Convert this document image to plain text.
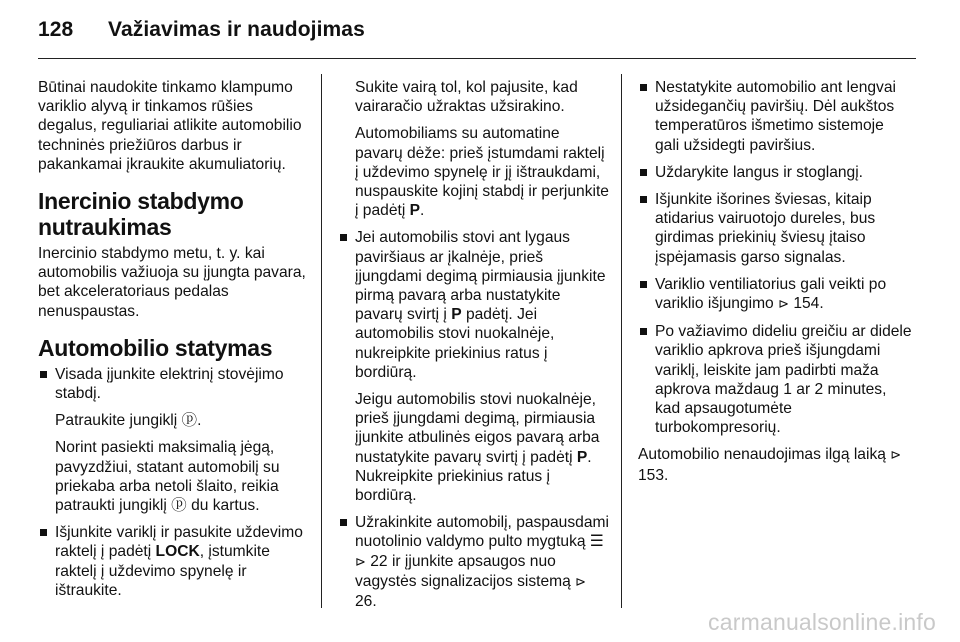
128 Važiavimas ir naudojimas

Būtinai naudokite tinkamo klampumo variklio alyvą ir tinkamos rūšies degalus, reguliariai atlikite automobilio techninės priežiūros darbus ir pakankamai įkraukite akumuliatorių.

Inercinio stabdymo nutraukimas

Inercinio stabdymo metu, t. y. kai automobilis važiuoja su įjungta pavara, bet akceleratoriaus pedalas nenuspaustas.

Automobilio statymas
Visada įjunkite elektrinį stovėjimo stabdį.

Patraukite jungiklį ⓟ.

Norint pasiekti maksimalią jėgą, pavyzdžiui, statant automobilį su priekaba arba netoli šlaito, reikia patraukti jungiklį ⓟ du kartus.

Išjunkite variklį ir pasukite uždevimo raktelį į padėtį LOCK, įstumkite raktelį į uždevimo spynelę ir ištraukite.

Sukite vairą tol, kol pajusite, kad vairaračio užraktas užsirakino.

Automobiliams su automatine pavarų dėže: prieš įstumdami raktelį į uždevimo spynelę ir jį ištraukdami, nuspauskite kojinį stabdį ir perjunkite į padėtį P.

Jei automobilis stovi ant lygaus paviršiaus ar įkalnėje, prieš įjungdami degimą pirmiausia įjunkite pirmą pavarą arba nustatykite pavarų svirtį į P padėtį. Jei automobilis stovi nuokalnėje, nukreipkite priekinius ratus į bordiūrą.

Jeigu automobilis stovi nuokalnėje, prieš įjungdami degimą, pirmiausia įjunkite atbulinės eigos pavarą arba nustatykite pavarų svirtį į padėtį P. Nukreipkite priekinius ratus į bordiūrą.

Užrakinkite automobilį, paspausdami nuotolinio valdymo pulto mygtuką ☰ ⊳ 22 ir įjunkite apsaugos nuo vagystės signalizacijos sistemą ⊳ 26.
Nestatykite automobilio ant lengvai užsidegančių paviršių. Dėl aukštos temperatūros išmetimo sistemoje gali užsidegti paviršius.
Uždarykite langus ir stoglangį.
Išjunkite išorines šviesas, kitaip atidarius vairuotojo dureles, bus girdimas priekinių šviesų įtaiso įspėjamasis garso signalas.
Variklio ventiliatorius gali veikti po variklio išjungimo ⊳ 154.
Po važiavimo dideliu greičiu ar didele variklio apkrova prieš išjungdami variklį, leiskite jam padirbti maža apkrova maždaug 1 ar 2 minutes, kad apsaugotumėte turbokompresorių.

Automobilio nenaudojimas ilgą laiką ⊳ 153.

carmanualsonline.info
